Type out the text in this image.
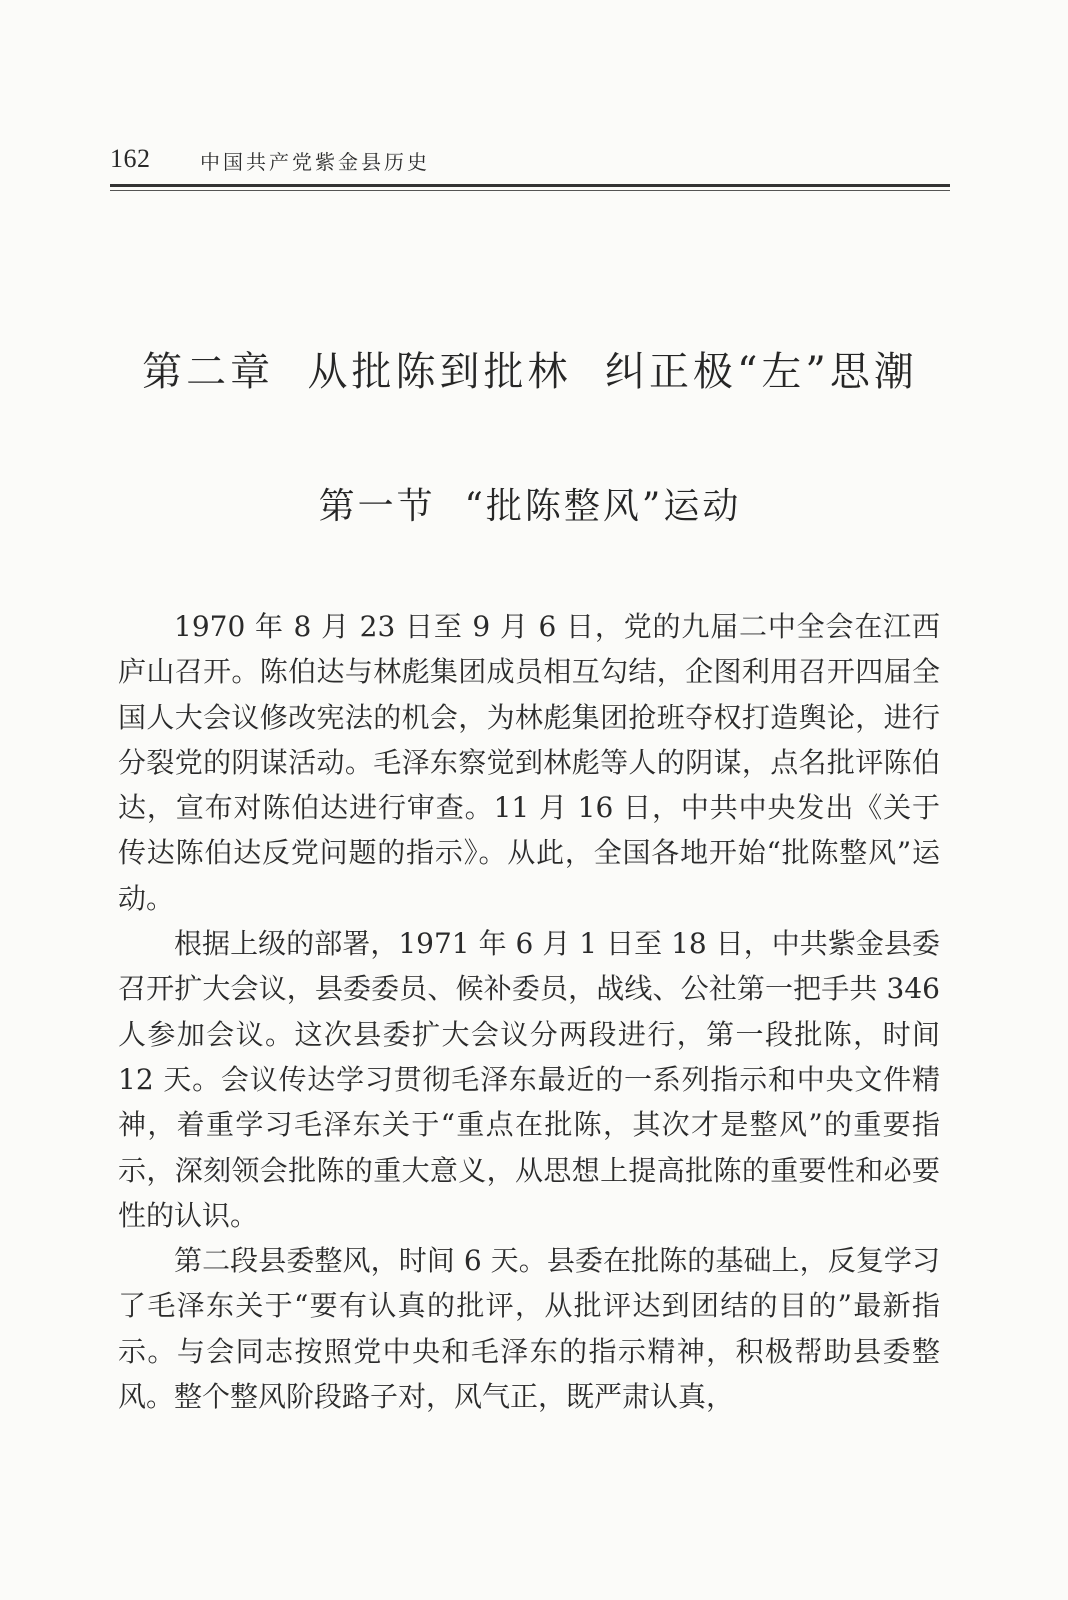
162 中国共产党紫金县历史
第二章  从批陈到批林  纠正极“左”思潮
第一节  “批陈整风”运动

1970 年 8 月 23 日至 9 月 6 日，党的九届二中全会在江西庐山召开。陈伯达与林彪集团成员相互勾结，企图利用召开四届全国人大会议修改宪法的机会，为林彪集团抢班夺权打造舆论，进行分裂党的阴谋活动。毛泽东察觉到林彪等人的阴谋，点名批评陈伯达，宣布对陈伯达进行审查。11 月 16 日，中共中央发出《关于传达陈伯达反党问题的指示》。从此，全国各地开始“批陈整风”运动。

根据上级的部署，1971 年 6 月 1 日至 18 日，中共紫金县委召开扩大会议，县委委员、候补委员，战线、公社第一把手共 346 人参加会议。这次县委扩大会议分两段进行，第一段批陈，时间 12 天。会议传达学习贯彻毛泽东最近的一系列指示和中央文件精神，着重学习毛泽东关于“重点在批陈，其次才是整风”的重要指示，深刻领会批陈的重大意义，从思想上提高批陈的重要性和必要性的认识。

第二段县委整风，时间 6 天。县委在批陈的基础上，反复学习了毛泽东关于“要有认真的批评，从批评达到团结的目的”最新指示。与会同志按照党中央和毛泽东的指示精神，积极帮助县委整风。整个整风阶段路子对，风气正，既严肃认真，
